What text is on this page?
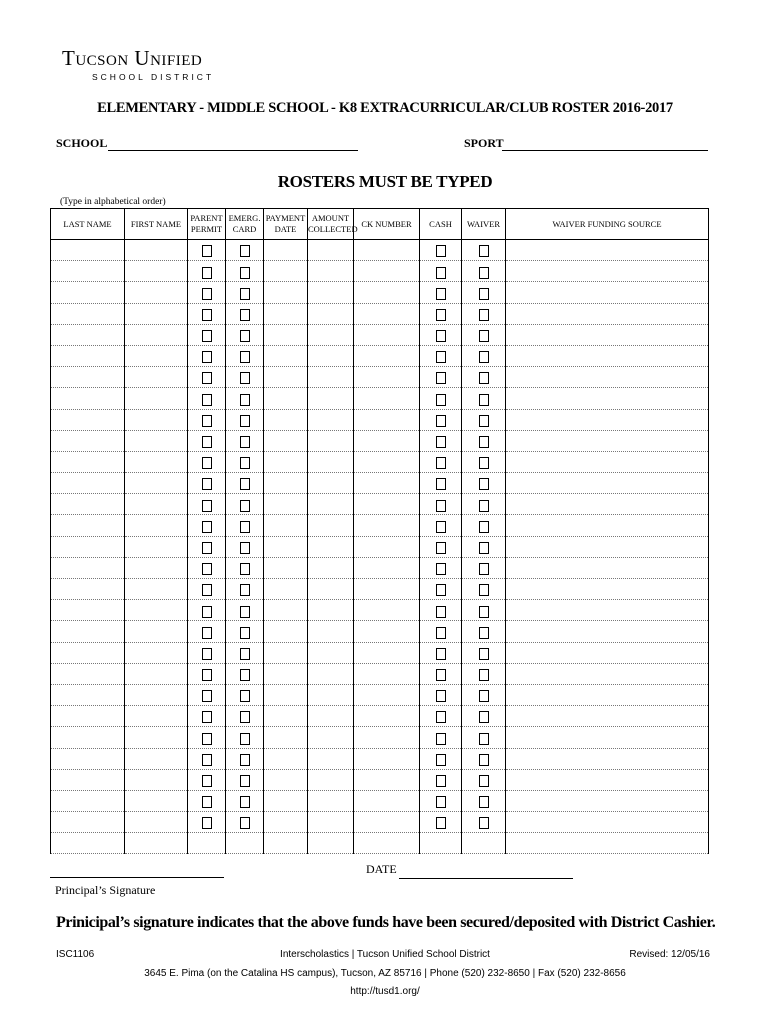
Tucson Unified
SCHOOL DISTRICT
ELEMENTARY - MIDDLE SCHOOL - K8 EXTRACURRICULAR/CLUB ROSTER 2016-2017
SCHOOL	SPORT
ROSTERS MUST BE TYPED
(Type in alphabetical order)
LAST NAME	FIRST NAME	PARENT PERMIT	EMERG. CARD	PAYMENT DATE	AMOUNT COLLECTED	CK NUMBER	CASH	WAIVER	WAIVER FUNDING SOURCE

DATE
Principal’s Signature
Prinicipal’s signature indicates that the above funds have been secured/deposited with District Cashier.
ISC1106	Interscholastics | Tucson Unified School District	Revised: 12/05/16
3645 E. Pima (on the Catalina HS campus), Tucson, AZ 85716 | Phone (520) 232-8650 | Fax (520) 232-8656
http://tusd1.org/
